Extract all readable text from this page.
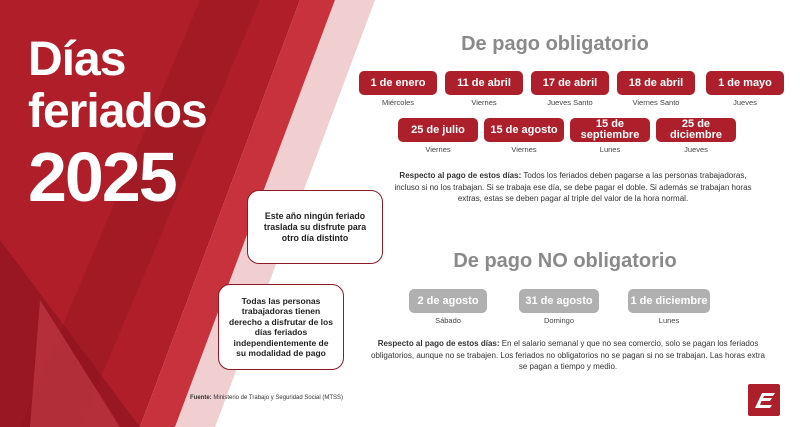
Días
feriados
2025
De pago obligatorio
1 de enero
Miércoles
11 de abril
Viernes
17 de abril
Jueves Santo
18 de abril
Viernes Santo
1 de mayo
Jueves
25 de julio
Viernes
15 de agosto
Viernes
15 de septiembre
Lunes
25 de diciembre
Jueves
Respecto al pago de estos días: Todos los feriados deben pagarse a las personas trabajadoras, incluso si no los trabajan. Si se trabaja ese día, se debe pagar el doble. Si además se trabajan horas extras, estas se deben pagar al triple del valor de la hora normal.
Este año ningún feriado traslada su disfrute para otro día distinto
Todas las personas trabajadoras tienen derecho a disfrutar de los días feriados independientemente de su modalidad de pago
De pago NO obligatorio
2 de agosto
Sábado
31 de agosto
Domingo
1 de diciembre
Lunes
Respecto al pago de estos días: En el salario semanal y que no sea comercio, solo se pagan los feriados obligatorios, aunque no se trabajen. Los feriados no obligatorios no se pagan si no se trabajan. Las horas extra se pagan a tiempo y medio.
Fuente: Ministerio de Trabajo y Seguridad Social (MTSS)
